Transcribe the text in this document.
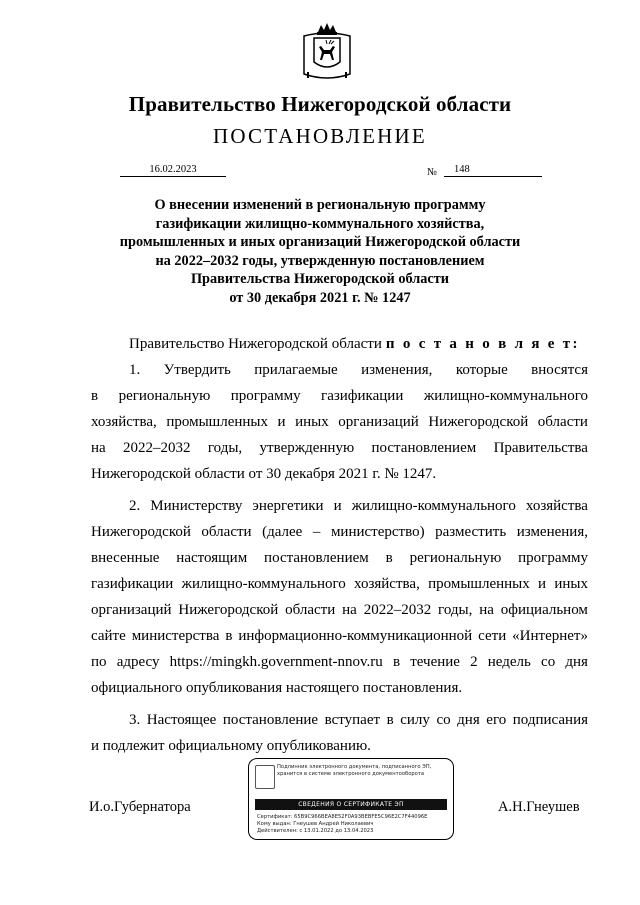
Правительство Нижегородской области
ПОСТАНОВЛЕНИЕ
16.02.2023	№	148
О внесении изменений в региональную программу
газификации жилищно-коммунального хозяйства,
промышленных и иных организаций Нижегородской области
на 2022–2032 годы, утвержденную постановлением
Правительства Нижегородской области
от 30 декабря 2021 г. № 1247
Правительство Нижегородской области п о с т а н о в л я е т:
1. Утвердить прилагаемые изменения, которые вносятся
в региональную программу газификации жилищно-коммунального
хозяйства, промышленных и иных организаций Нижегородской области
на 2022–2032 годы, утвержденную постановлением Правительства
Нижегородской области от 30 декабря 2021 г. № 1247.
2. Министерству энергетики и жилищно-коммунального хозяйства
Нижегородской области (далее – министерство) разместить изменения,
внесенные настоящим постановлением в региональную программу
газификации жилищно-коммунального хозяйства, промышленных и иных
организаций Нижегородской области на 2022–2032 годы, на официальном
сайте министерства в информационно-коммуникационной сети «Интернет»
по адресу https://mingkh.government-nnov.ru в течение 2 недель со дня
официального опубликования настоящего постановления.
3. Настоящее постановление вступает в силу со дня его подписания
и подлежит официальному опубликованию.
И.о.Губернатора	А.Н.Гнеушев
Подлинник электронного документа, подписанного ЭП,
хранится в системе электронного документооборота
СВЕДЕНИЯ О СЕРТИФИКАТЕ ЭП
Сертификат: 65B9C966BEA8E52F0A93BEBFE5C96E2C7F44096E
Кому выдан: Гнеушев Андрей Николаевич
Действителен: с 13.01.2022 до 13.04.2023
